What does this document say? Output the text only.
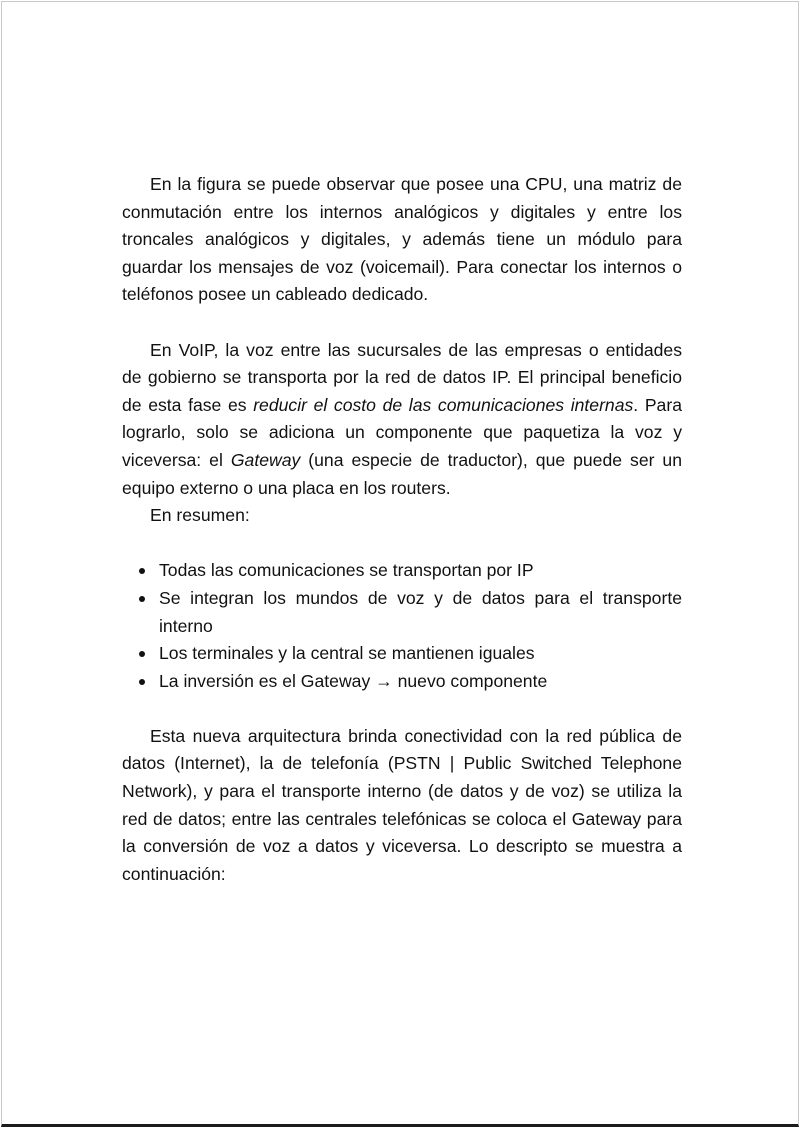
En la figura se puede observar que posee una CPU, una matriz de conmutación entre los internos analógicos y digitales y entre los troncales analógicos y digitales, y además tiene un módulo para guardar los mensajes de voz (voicemail). Para conectar los internos o teléfonos posee un cableado dedicado.

En VoIP, la voz entre las sucursales de las empresas o entidades de gobierno se transporta por la red de datos IP. El principal beneficio de esta fase es reducir el costo de las comunicaciones internas. Para lograrlo, solo se adiciona un componente que paquetiza la voz y viceversa: el Gateway (una especie de traductor), que puede ser un equipo externo o una placa en los routers.

En resumen:

Todas las comunicaciones se transportan por IP
Se integran los mundos de voz y de datos para el transporte interno
Los terminales y la central se mantienen iguales
La inversión es el Gateway → nuevo componente

Esta nueva arquitectura brinda conectividad con la red pública de datos (Internet), la de telefonía (PSTN | Public Switched Telephone Network), y para el transporte interno (de datos y de voz) se utiliza la red de datos; entre las centrales telefónicas se coloca el Gateway para la conversión de voz a datos y viceversa. Lo descripto se muestra a continuación:
